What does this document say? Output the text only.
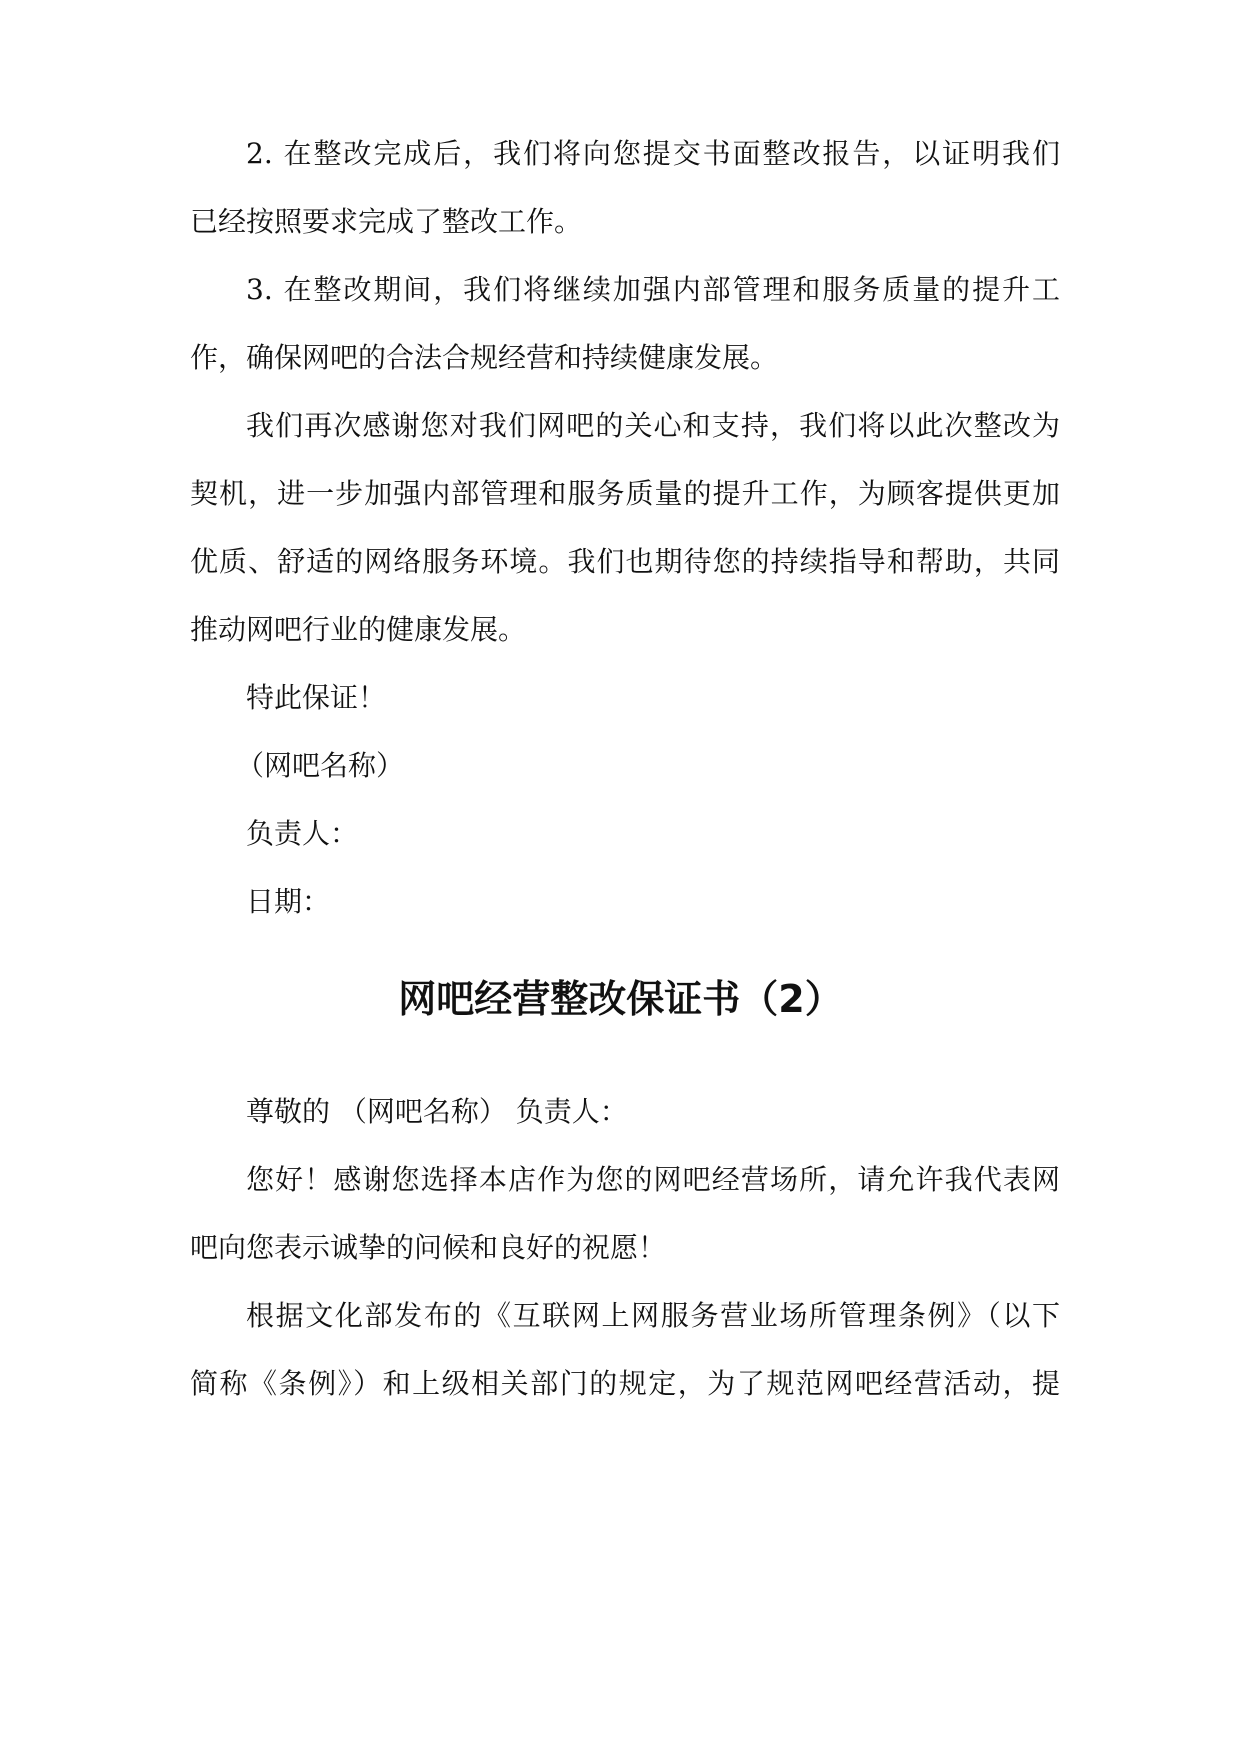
2. 在整改完成后，我们将向您提交书面整改报告，以证明我们
已经按照要求完成了整改工作。
3. 在整改期间，我们将继续加强内部管理和服务质量的提升工
作，确保网吧的合法合规经营和持续健康发展。
我们再次感谢您对我们网吧的关心和支持，我们将以此次整改为
契机，进一步加强内部管理和服务质量的提升工作，为顾客提供更加
优质、舒适的网络服务环境。我们也期待您的持续指导和帮助，共同
推动网吧行业的健康发展。
特此保证！
（网吧名称）
负责人：
日期：
网吧经营整改保证书（2）
尊敬的 （网吧名称） 负责人：
您好！感谢您选择本店作为您的网吧经营场所，请允许我代表网
吧向您表示诚挚的问候和良好的祝愿！
根据文化部发布的《互联网上网服务营业场所管理条例》（以下
简称《条例》）和上级相关部门的规定，为了规范网吧经营活动，提
